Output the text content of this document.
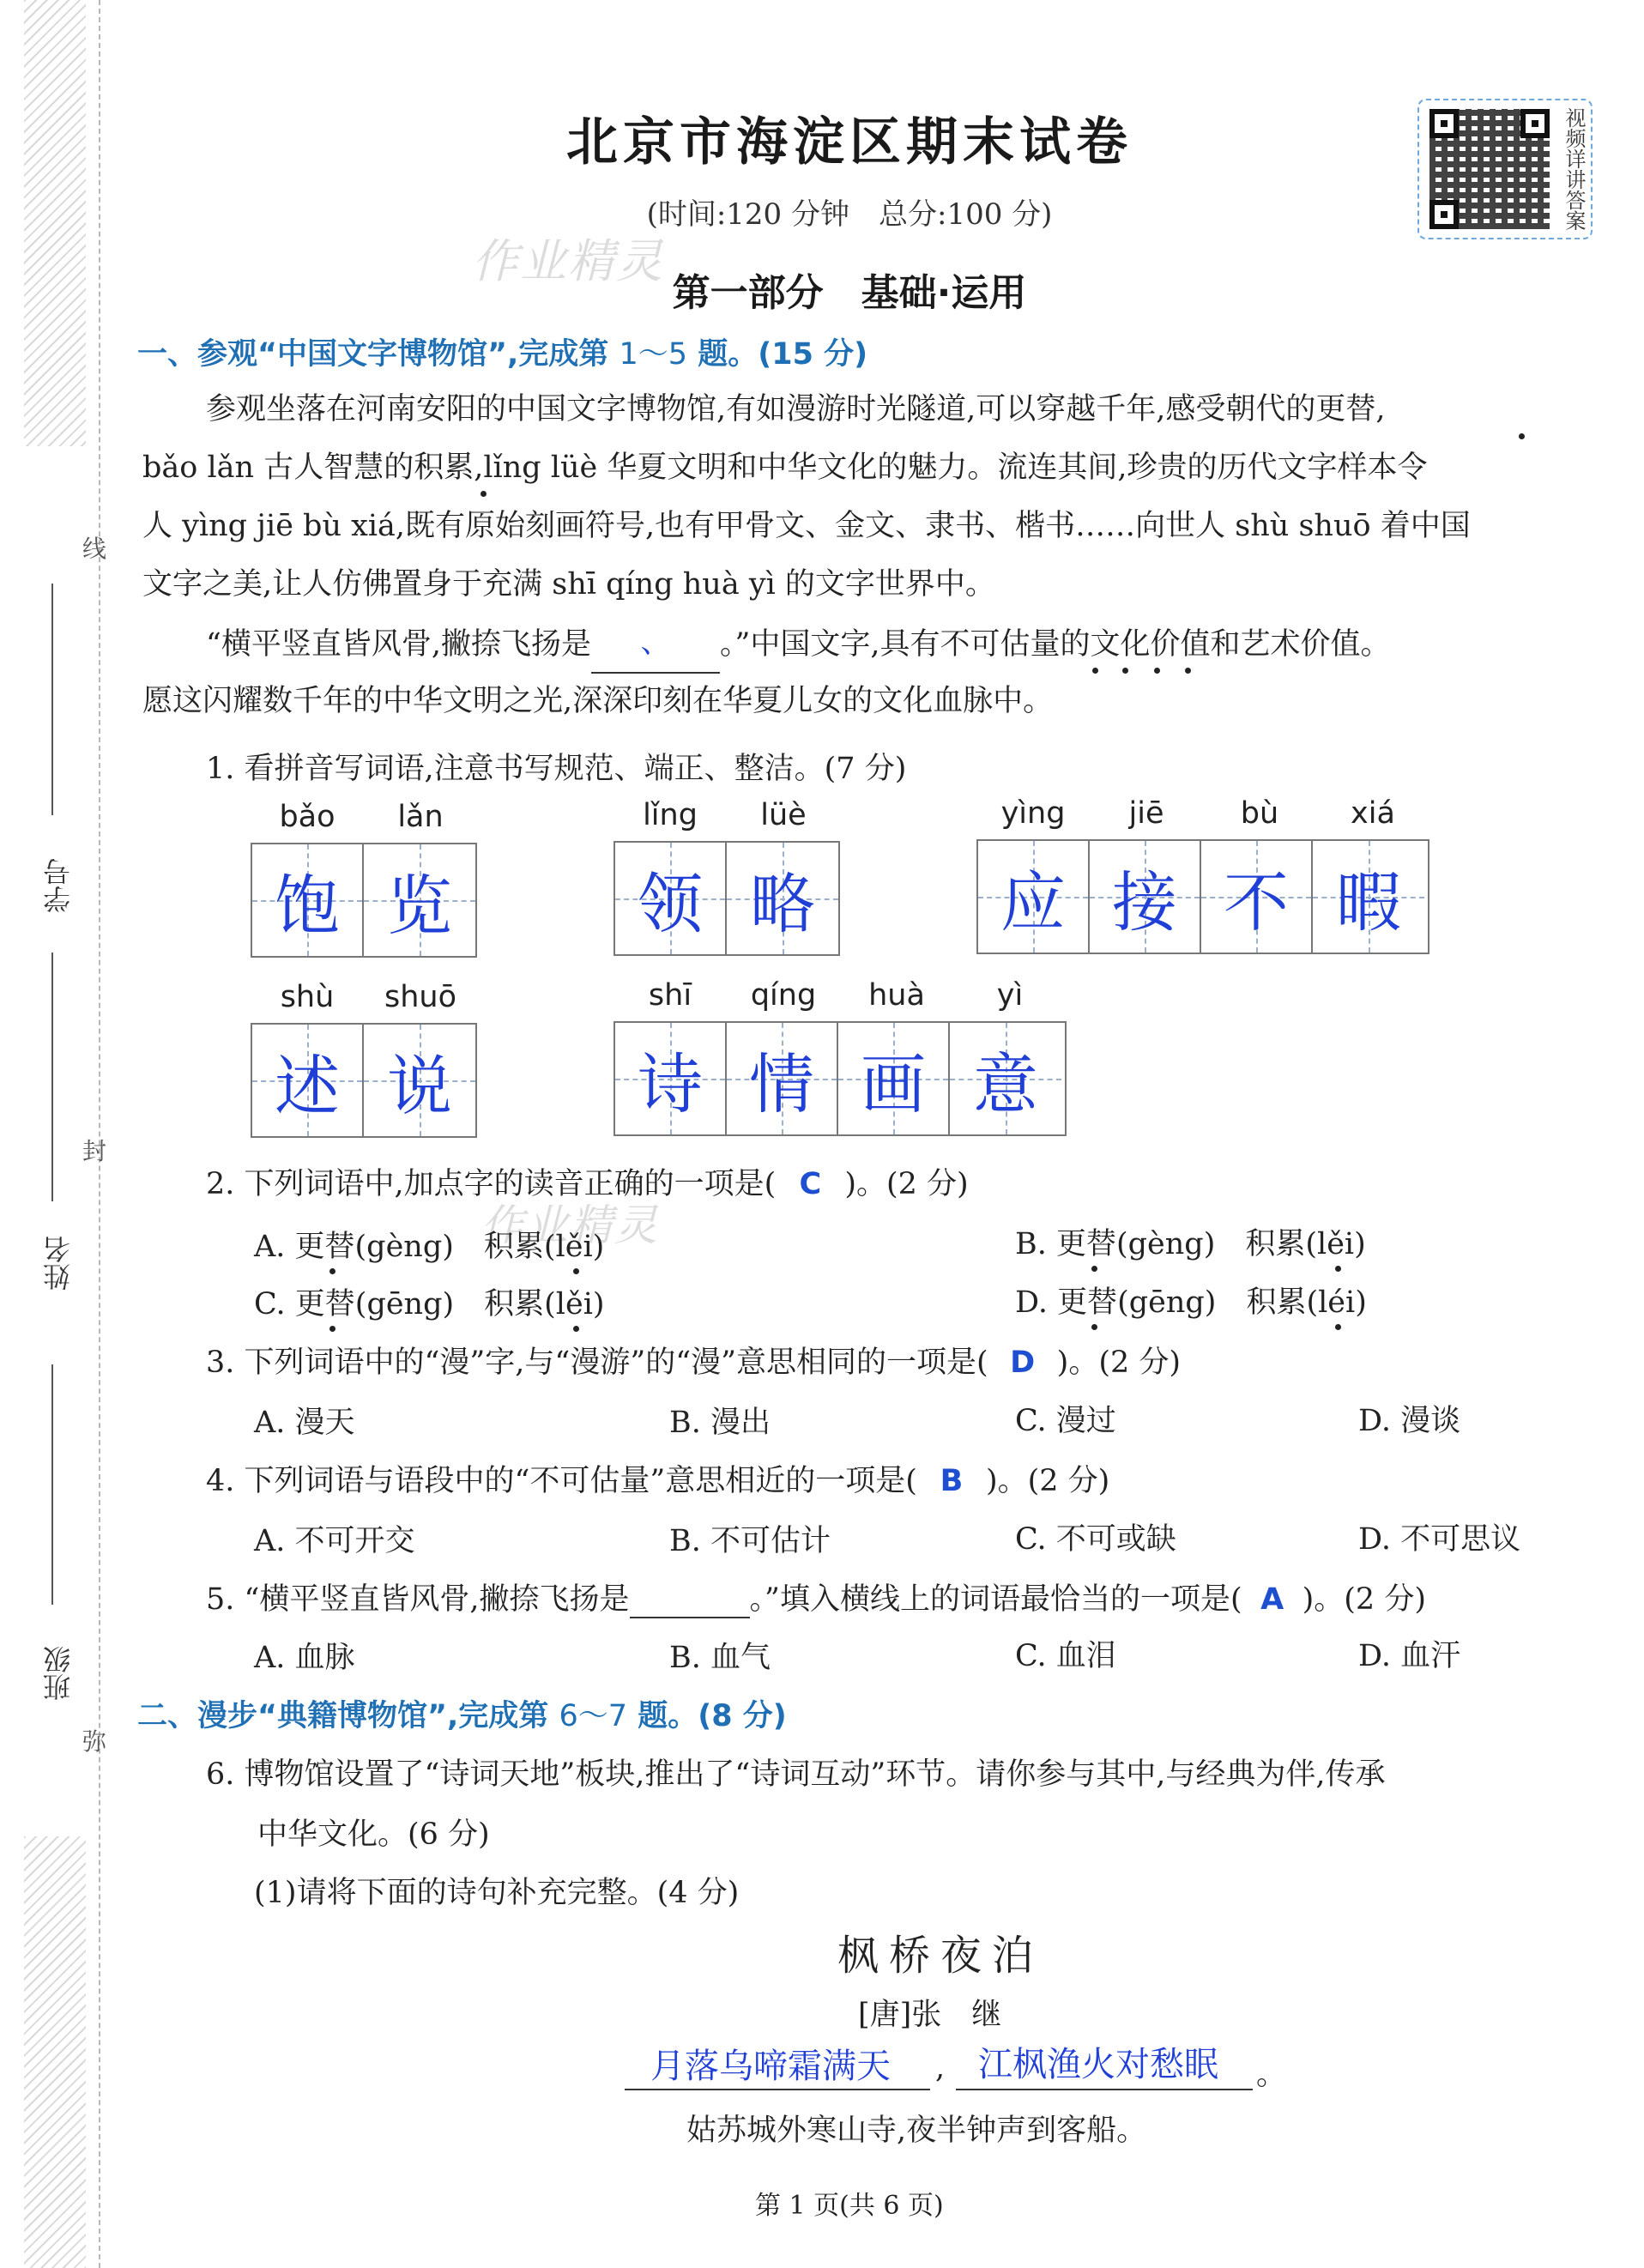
线
封
弥
学号
姓名
班级
北京市海淀区期末试卷
(时间:120 分钟　总分:100 分)
作业精灵
第一部分　基础·运用
视频详讲答案
一、参观“中国文字博物馆”,完成第 1～5 题。(15 分)
参观坐落在河南安阳的中国文字博物馆,有如漫游时光隧道,可以穿越千年,感受朝代的更替,
bǎo lǎn 古人智慧的积累,lǐng lüè 华夏文明和中华文化的魅力。流连其间,珍贵的历代文字样本令
人 yìng jiē bù xiá,既有原始刻画符号,也有甲骨文、金文、隶书、楷书……向世人 shù shuō 着中国
文字之美,让人仿佛置身于充满 shī qíng huà yì 的文字世界中。
“横平竖直皆风骨,撇捺飞扬是 、 。”中国文字,具有不可估量的文化价值和艺术价值。
愿这闪耀数千年的中华文明之光,深深印刻在华夏儿女的文化血脉中。
1. 看拼音写词语,注意书写规范、端正、整洁。(7 分)
bǎo	lǎn
饱 览
lǐng	lüè
领 略
yìng	jiē	bù	xiá
应 接 不 暇
shù	shuō
述 说
shī	qíng	huà	yì
诗 情 画 意
2. 下列词语中,加点字的读音正确的一项是( C )。(2 分)
作业精灵
A. 更替(gèng)　积累(lěi)	B. 更替(gèng)　积累(lěi)
C. 更替(gēng)　积累(lěi)	D. 更替(gēng)　积累(léi)
3. 下列词语中的“漫”字,与“漫游”的“漫”意思相同的一项是( D )。(2 分)
A. 漫天	B. 漫出	C. 漫过	D. 漫谈
4. 下列词语与语段中的“不可估量”意思相近的一项是( B )。(2 分)
A. 不可开交	B. 不可估计	C. 不可或缺	D. 不可思议
5. “横平竖直皆风骨,撇捺飞扬是	。”填入横线上的词语最恰当的一项是( A )。(2 分)
A. 血脉	B. 血气	C. 血泪	D. 血汗
二、漫步“典籍博物馆”,完成第 6～7 题。(8 分)
6. 博物馆设置了“诗词天地”板块,推出了“诗词互动”环节。请你参与其中,与经典为伴,传承
中华文化。(6 分)
(1)请将下面的诗句补充完整。(4 分)
枫桥夜泊
[唐]张　继
月落乌啼霜满天 , 江枫渔火对愁眠 。
姑苏城外寒山寺,夜半钟声到客船。
第 1 页(共 6 页)
